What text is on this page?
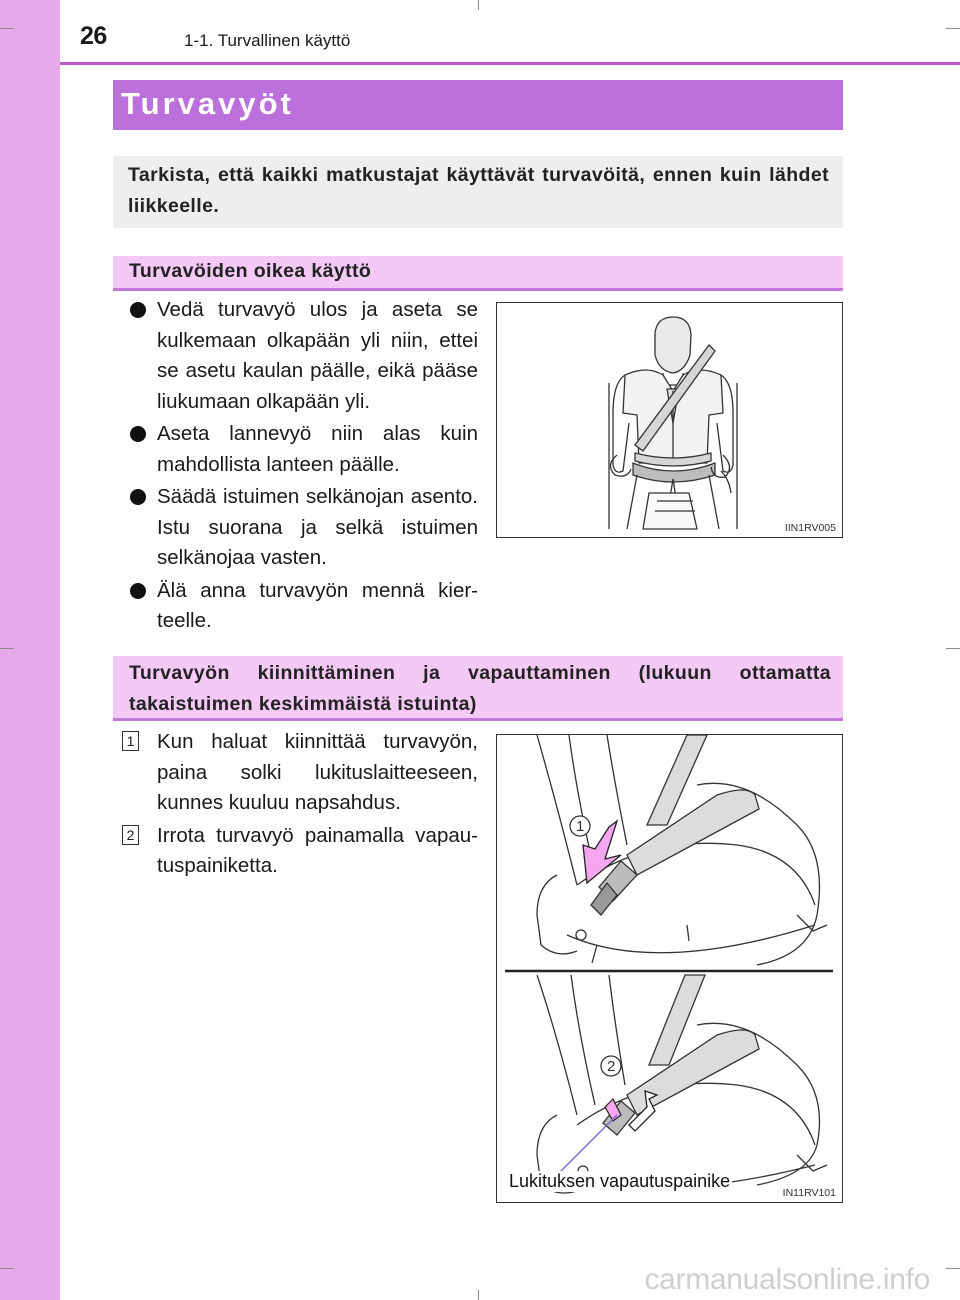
26	1-1. Turvallinen käyttö
Turvavyöt

Tarkista, että kaikki matkustajat käyttävät turvavöitä, ennen kuin lähdet liikkeelle.

Turvavöiden oikea käyttö
Vedä turvavyö ulos ja aseta se kulkemaan olkapään yli niin, ettei se asetu kaulan päälle, eikä pääse liukumaan olkapään yli.
Aseta lannevyö niin alas kuin mahdollista lanteen päälle.
Säädä istuimen selkänojan asento. Istu suorana ja selkä istuimen selkänojaa vasten.
Älä anna turvavyön mennä kier-teelle.
IIN1RV005
Turvavyön kiinnittäminen ja vapauttaminen (lukuun ottamatta
takaistuimen keskimmäistä istuinta)
1 Kun haluat kiinnittää turvavyön, paina solki lukituslaitteeseen, kunnes kuuluu napsahdus.
2 Irrota turvavyö painamalla vapau-tuspainiketta.
1
2
Lukituksen vapautuspainike
IN11RV101
carmanualsonline.info
